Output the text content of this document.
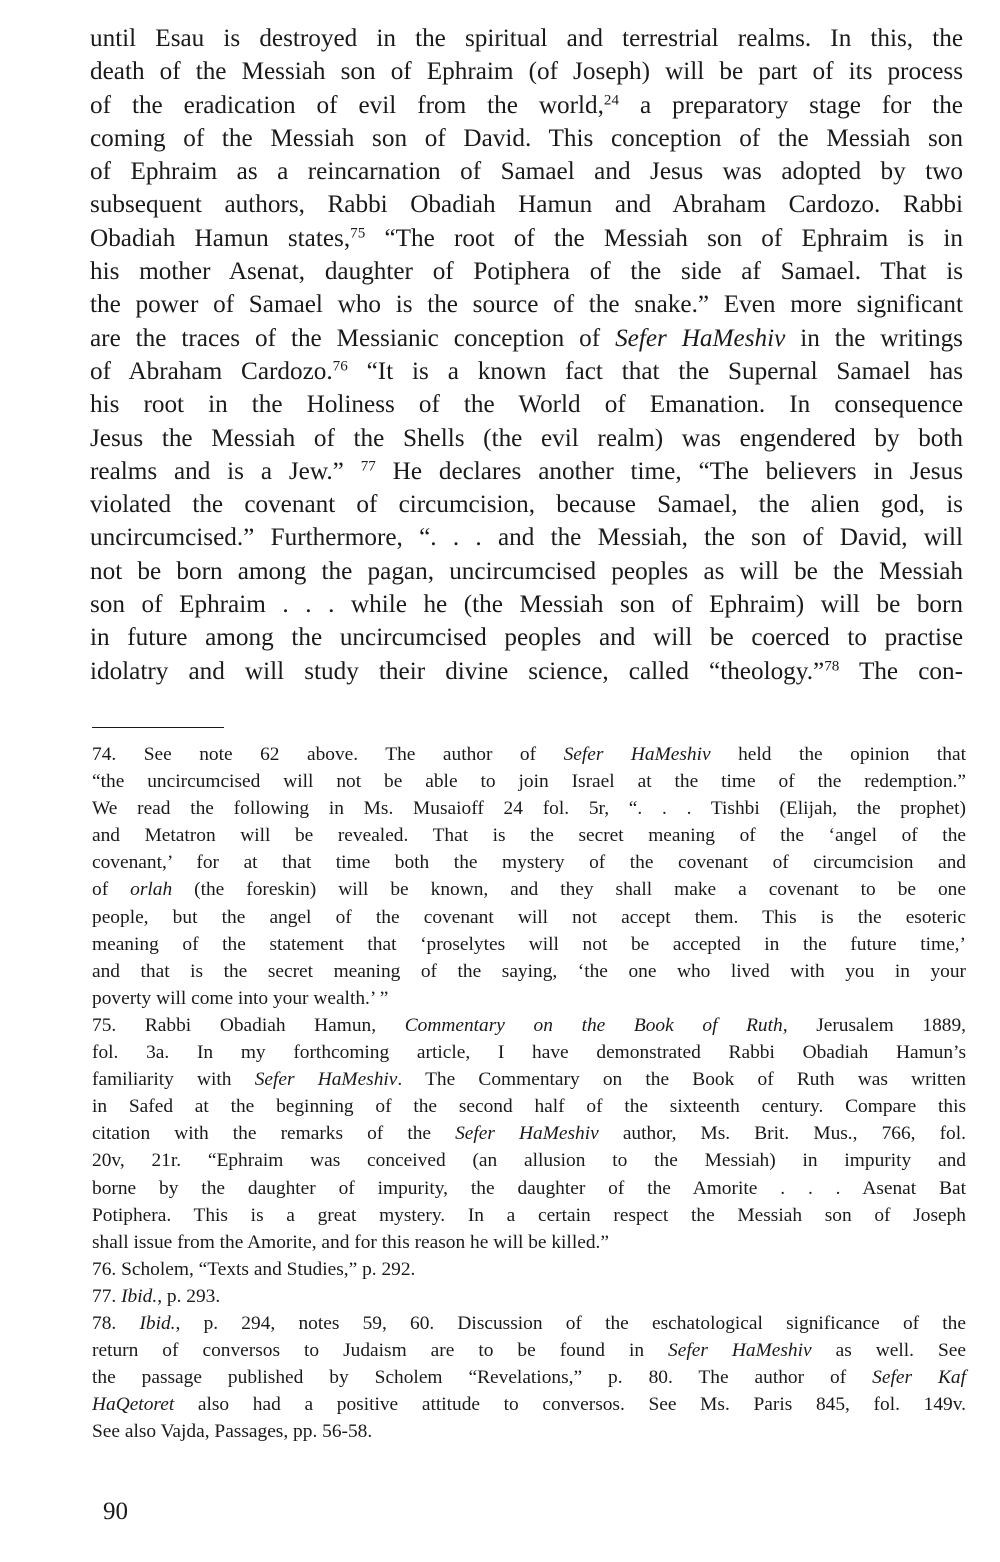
until Esau is destroyed in the spiritual and terrestrial realms. In this, the
death of the Messiah son of Ephraim (of Joseph) will be part of its process
of the eradication of evil from the world,$^{24}$ a preparatory stage for the
coming of the Messiah son of David. This conception of the Messiah son
of Ephraim as a reincarnation of Samael and Jesus was adopted by two
subsequent authors, Rabbi Obadiah Hamun and Abraham Cardozo. Rabbi
Obadiah Hamun states,$^{75}$ “The root of the Messiah son of Ephraim is in
his mother Asenat, daughter of Potiphera of the side af Samael. That is
the power of Samael who is the source of the snake.” Even more significant
are the traces of the Messianic conception of Sefer HaMeshiv in the writings
of Abraham Cardozo.$^{76}$ “It is a known fact that the Supernal Samael has
his root in the Holiness of the World of Emanation. In consequence
Jesus the Messiah of the Shells (the evil realm) was engendered by both
realms and is a Jew.” $^{77}$ He declares another time, “The believers in Jesus
violated the covenant of circumcision, because Samael, the alien god, is
uncircumcised.” Furthermore, “. . . and the Messiah, the son of David, will
not be born among the pagan, uncircumcised peoples as will be the Messiah
son of Ephraim . . . while he (the Messiah son of Ephraim) will be born
in future among the uncircumcised peoples and will be coerced to practise
idolatry and will study their divine science, called “theology.”$^{78}$ The con-
74. See note 62 above. The author of Sefer HaMeshiv held the opinion that
“the uncircumcised will not be able to join Israel at the time of the redemption.”
We read the following in Ms. Musaioff 24 fol. 5r, “. . . Tishbi (Elijah, the prophet)
and Metatron will be revealed. That is the secret meaning of the ‘angel of the
covenant,’ for at that time both the mystery of the covenant of circumcision and
of orlah (the foreskin) will be known, and they shall make a covenant to be one
people, but the angel of the covenant will not accept them. This is the esoteric
meaning of the statement that ‘proselytes will not be accepted in the future time,’
and that is the secret meaning of the saying, ‘the one who lived with you in your
poverty will come into your wealth.’ ”
75. Rabbi Obadiah Hamun, Commentary on the Book of Ruth, Jerusalem 1889,
fol. 3a. In my forthcoming article, I have demonstrated Rabbi Obadiah Hamun’s
familiarity with Sefer HaMeshiv. The Commentary on the Book of Ruth was written
in Safed at the beginning of the second half of the sixteenth century. Compare this
citation with the remarks of the Sefer HaMeshiv author, Ms. Brit. Mus., 766, fol.
20v, 21r. “Ephraim was conceived (an allusion to the Messiah) in impurity and
borne by the daughter of impurity, the daughter of the Amorite . . . Asenat Bat
Potiphera. This is a great mystery. In a certain respect the Messiah son of Joseph
shall issue from the Amorite, and for this reason he will be killed.”
76. Scholem, “Texts and Studies,” p. 292.
77. Ibid., p. 293.
78. Ibid., p. 294, notes 59, 60. Discussion of the eschatological significance of the
return of conversos to Judaism are to be found in Sefer HaMeshiv as well. See
the passage published by Scholem “Revelations,” p. 80. The author of Sefer Kaf
HaQetoret also had a positive attitude to conversos. See Ms. Paris 845, fol. 149v.
See also Vajda, Passages, pp. 56-58.
90
